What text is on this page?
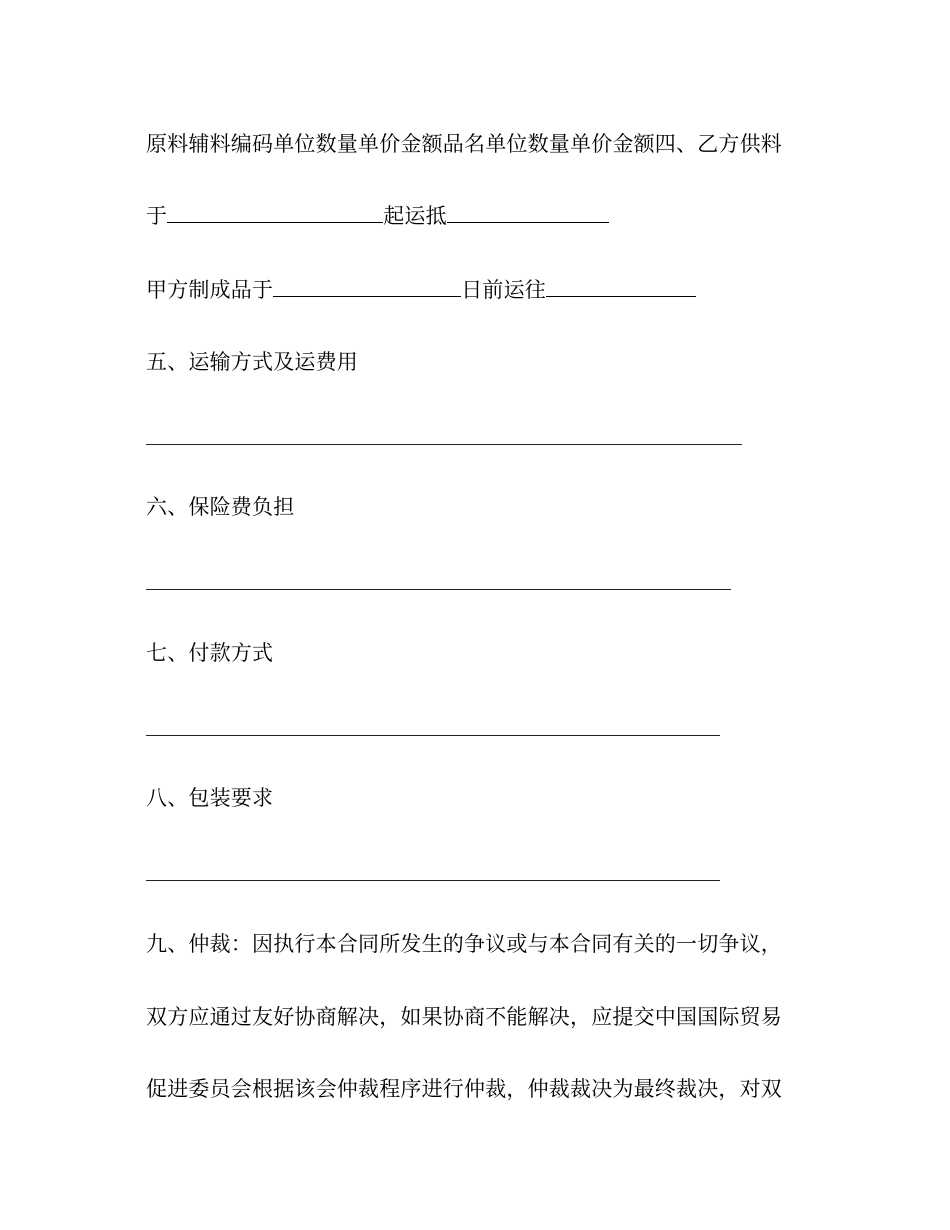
原料辅料编码单位数量单价金额品名单位数量单价金额四、乙方供料
于	起运抵
甲方制成品于	日前运往
五、运输方式及运费用
六、保险费负担
七、付款方式
八、包装要求
九、仲裁：因执行本合同所发生的争议或与本合同有关的一切争议，
双方应通过友好协商解决，如果协商不能解决，应提交中国国际贸易
促进委员会根据该会仲裁程序进行仲裁，仲裁裁决为最终裁决，对双
